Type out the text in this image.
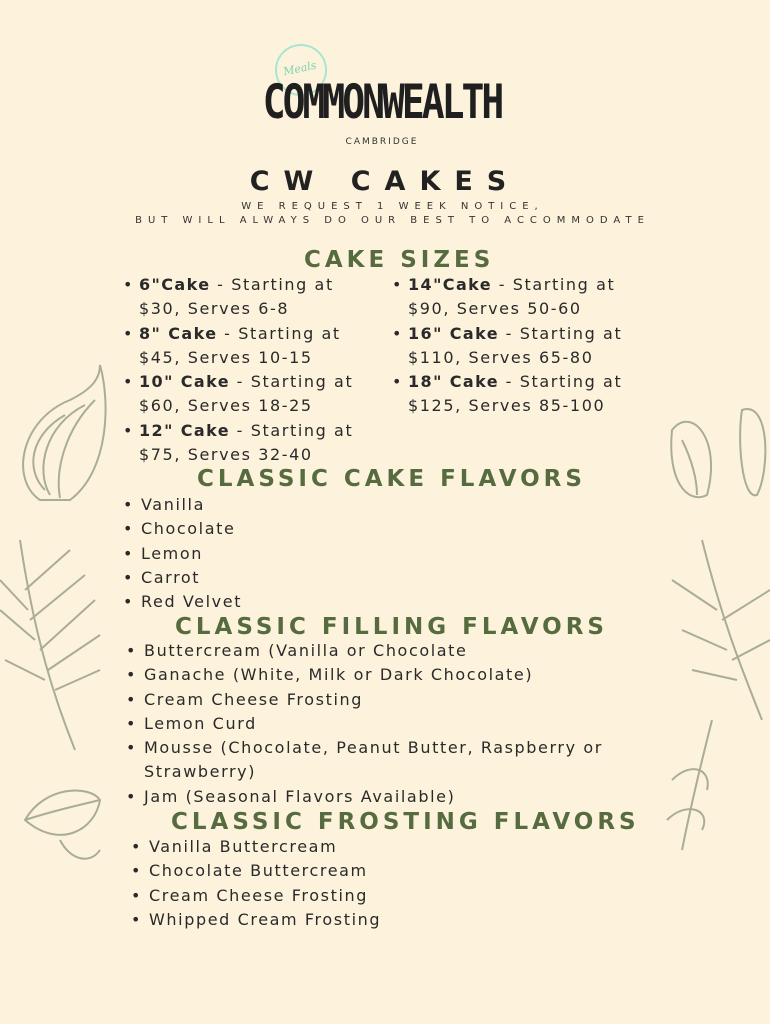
Meals
COMMONWEALTH
CAMBRIDGE
CW CAKES
WE REQUEST 1 WEEK NOTICE,
BUT WILL ALWAYS DO OUR BEST TO ACCOMMODATE
CAKE SIZES
• 6"Cake - Starting at $30, Serves 6-8
• 8" Cake - Starting at $45, Serves 10-15
• 10" Cake - Starting at $60, Serves 18-25
• 12" Cake - Starting at $75, Serves 32-40
• 14"Cake - Starting at $90, Serves 50-60
• 16" Cake - Starting at $110, Serves 65-80
• 18" Cake - Starting at $125, Serves 85-100
CLASSIC CAKE FLAVORS
• Vanilla
• Chocolate
• Lemon
• Carrot
• Red Velvet
CLASSIC FILLING FLAVORS
• Buttercream (Vanilla or Chocolate
• Ganache (White, Milk or Dark Chocolate)
• Cream Cheese Frosting
• Lemon Curd
• Mousse (Chocolate, Peanut Butter, Raspberry or Strawberry)
• Jam (Seasonal Flavors Available)
CLASSIC FROSTING FLAVORS
• Vanilla Buttercream
• Chocolate Buttercream
• Cream Cheese Frosting
• Whipped Cream Frosting
